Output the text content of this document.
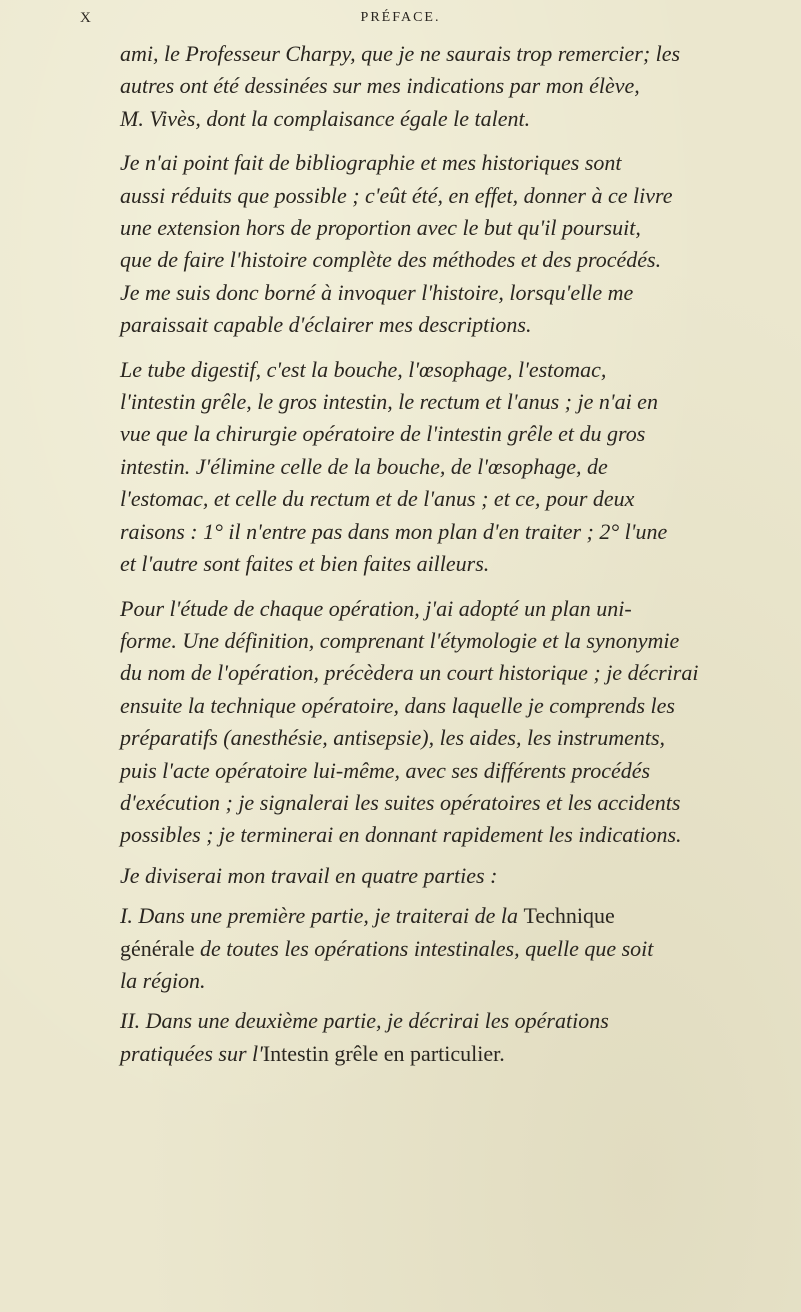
X	PRÉFACE.
ami, le Professeur Charpy, que je ne saurais trop remercier; les
autres ont été dessinées sur mes indications par mon élève,
M. Vivès, dont la complaisance égale le talent.
Je n'ai point fait de bibliographie et mes historiques sont
aussi réduits que possible ; c'eût été, en effet, donner à ce livre
une extension hors de proportion avec le but qu'il poursuit,
que de faire l'histoire complète des méthodes et des procédés.
Je me suis donc borné à invoquer l'histoire, lorsqu'elle me
paraissait capable d'éclairer mes descriptions.
Le tube digestif, c'est la bouche, l'œsophage, l'estomac,
l'intestin grêle, le gros intestin, le rectum et l'anus ; je n'ai en
vue que la chirurgie opératoire de l'intestin grêle et du gros
intestin. J'élimine celle de la bouche, de l'œsophage, de
l'estomac, et celle du rectum et de l'anus ; et ce, pour deux
raisons : 1° il n'entre pas dans mon plan d'en traiter ; 2° l'une
et l'autre sont faites et bien faites ailleurs.
Pour l'étude de chaque opération, j'ai adopté un plan uni-
forme. Une définition, comprenant l'étymologie et la synonymie
du nom de l'opération, précèdera un court historique ; je décrirai
ensuite la technique opératoire, dans laquelle je comprends les
préparatifs (anesthésie, antisepsie), les aides, les instruments,
puis l'acte opératoire lui-même, avec ses différents procédés
d'exécution ; je signalerai les suites opératoires et les accidents
possibles ; je terminerai en donnant rapidement les indications.
Je diviserai mon travail en quatre parties :
I. Dans une première partie, je traiterai de la Technique
générale de toutes les opérations intestinales, quelle que soit
la région.
II. Dans une deuxième partie, je décrirai les opérations
pratiquées sur l'Intestin grêle en particulier.
